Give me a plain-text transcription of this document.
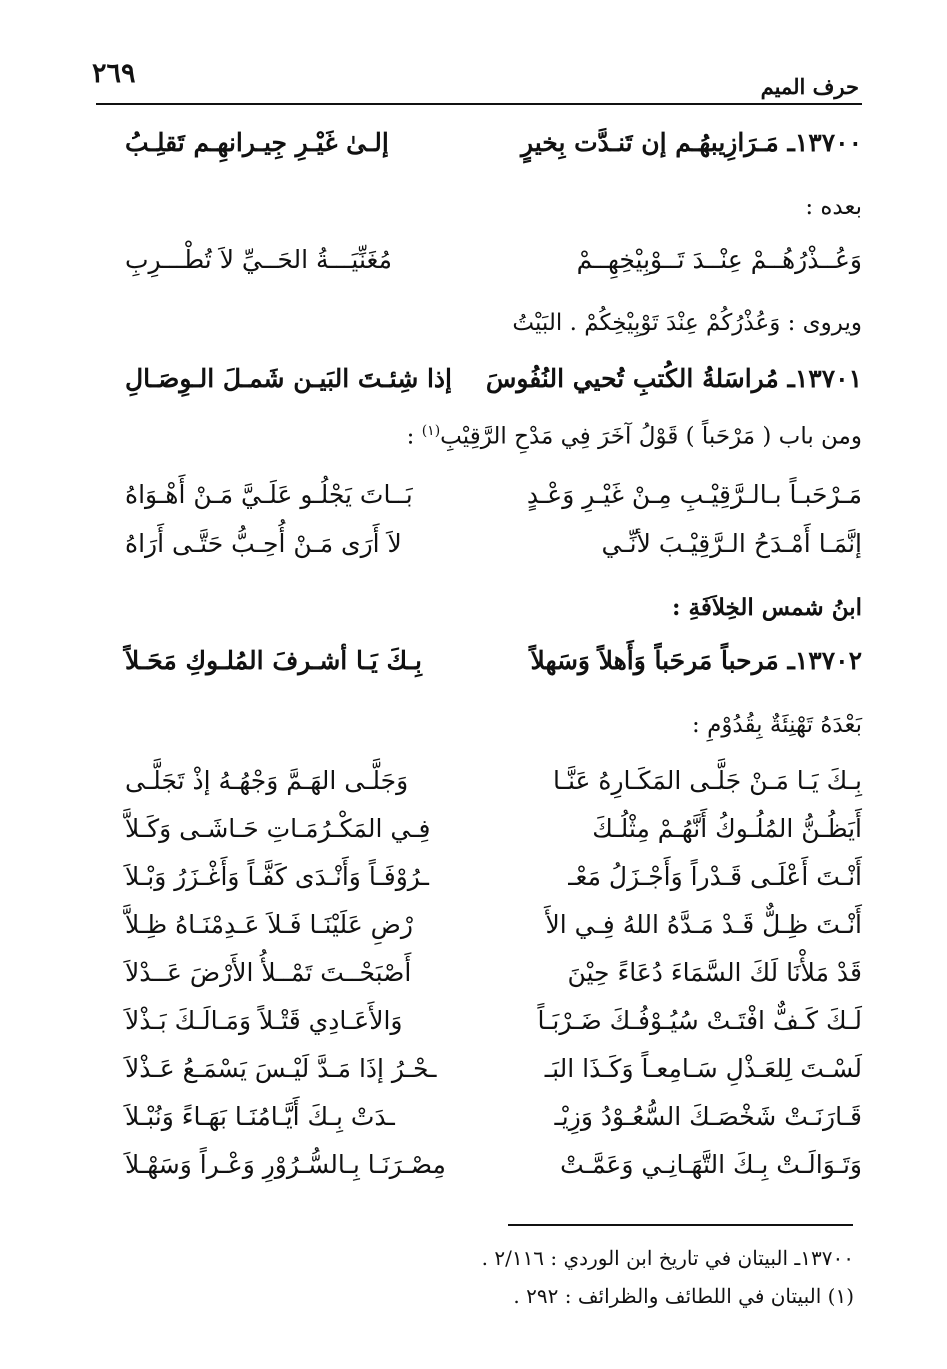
٢٦٩	حرف الميم
١٣٧٠٠ـ مَـرَازِيبهُـم إن تَنـدَّت بِخيرٍ
إلـىٰ غَيْـرِ جِيـرانهِـم تَقلِـبُ
بعده :
وَعُــذْرُهُــمْ عِنْــدَ تَــوْبِيْخِهِــمْ
مُغَنِّيَـــةُ الحَــيِّ لاَ تُطْـــرِبِ
ويروى : وَعُذْرُكُمْ عِنْدَ تَوْبِيْخِكُمْ . البَيْتُ
١٣٧٠١ـ مُراسَلةُ الكُتبِ تُحيي النُفُوسَ
إذا شِئـتَ البَيـن شَمـلَ الـوِصَـالِ
ومن باب ( مَرْحَباً ) قَوْلُ آخَرَ فِي مَدْحِ الرَّقِيْبِ$^{(١)}$ :
مَـرْحَبـاً بـالـرَّقِيْـبِ مِـنْ غَيْـرِ وَعْـدٍ
بَــاتَ يَجْلُـو عَلَـيَّ مَـنْ أَهْـوَاهُ
إنَّمَـا أَمْـدَحُ الـرَّقِيْـبَ لأنِّـي
لاَ أَرَى مَـنْ أُحِـبُّ حَتَّـى أَرَاهُ
ابنُ شمس الخِلاَفَةِ :
١٣٧٠٢ـ مَرحباً مَرحَباً وَأَهلاً وَسَهلاً
بِـكَ يَـا أشـرفَ المُلـوكِ مَحَـلاً
بَعْدَهُ تَهْنِئَةٌ بِقُدُوْمِ :
بِـكَ يَـا مَـنْ جَلَّـى المَكَـارِهُ عَنَّـا
وَجَلَّـى الهَـمَّ وَجْهُـهُ إذْ تَجَلَّـى
أَيَظُـنُّ المُلُـوكُ أَنَّهُـمْ مِثْلُـكَ
فِـي المَكْـرُمَـاتِ حَـاشَـى وَكَـلاَّ
أَنْـتَ أَعْلَـى قَـدْراً وَأَجْـزَلُ مَعْـ
ـرُوْفَـاً وَأَنْـدَى كَفَّـاً وَأَغْـزَرُ وَبْـلاَ
أَنْـتَ ظِـلٌّ قَـدْ مَـدَّهُ اللهُ فِـي الأَ
رْضِ عَلَيْنَـا فَـلاَ عَـدِمْنَـاهُ ظِـلاَّ
قَدْ مَلأْنَا لَكَ السَّمَاءَ دُعَاءً حِيْنَ
أَصْبَحْــتَ تَمْــلأُ الأَرْضَ عَــدْلاَ
لَـكَ كَـفٌّ افْتَـتْ سُيُـوْفُـكَ ضَـرْبَـاً
وَالأَعَـادِي قَتْـلاً وَمَـالَـكَ بَـذْلاَ
لَسْـتَ لِلعَـذْلِ سَـامِعـاً وَكَـذَا البَـ
ـحْـرُ إذَا مَـدَّ لَيْـسَ يَسْمَـعُ عَـذْلاَ
قَـارَنَـتْ شَخْصَـكَ السُّعُـوْدُ وَزِيْـ
ـدَتْ بِـكَ أَيَّـامُنَـا بَهَـاءً وَنُبْـلاَ
وَتَـوَالَـتْ بِـكَ التَّهَـانِـي وَعَمَّـتْ
مِصْـرَنَـا بِـالسُّـرُوْرِ وَعْـراً وَسَهْـلاَ
١٣٧٠٠ـ البيتان في تاريخ ابن الوردي : ٢/١١٦ .
(١) البيتان في اللطائف والظرائف : ٢٩٢ .
